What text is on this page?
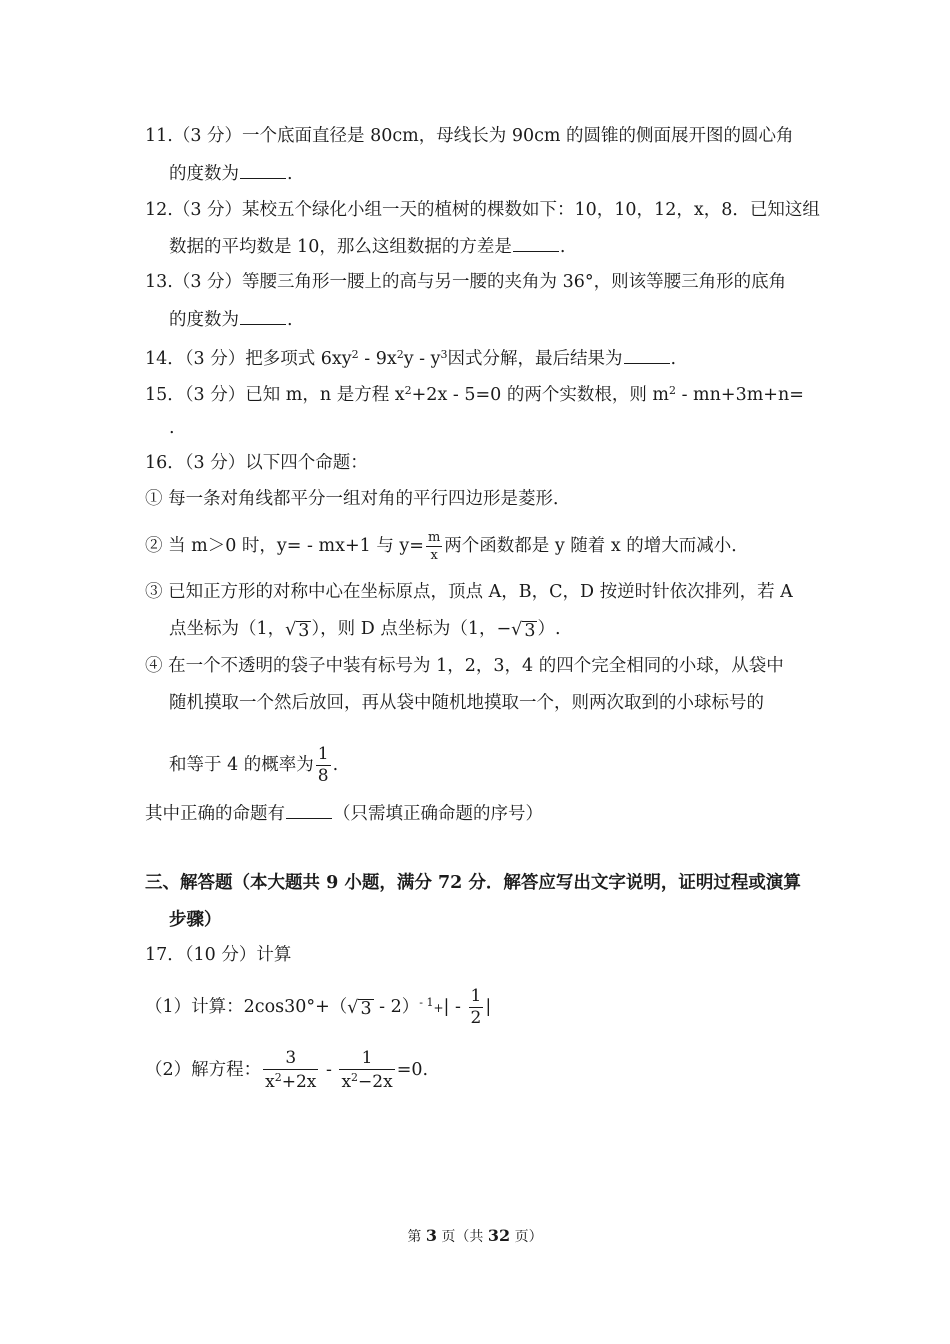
11.（3 分）一个底面直径是 80cm，母线长为 90cm 的圆锥的侧面展开图的圆心角
的度数为	.
12.（3 分）某校五个绿化小组一天的植树的棵数如下：10，10，12，x，8．已知这组
数据的平均数是 10，那么这组数据的方差是	.
13.（3 分）等腰三角形一腰上的高与另一腰的夹角为 36°，则该等腰三角形的底角
的度数为	.
14．（3 分）把多项式 $6xy^2 - 9x^2y - y^3$因式分解，最后结果为	.
15．（3 分）已知 m，n 是方程 $x^2+2x - 5=0$ 的两个实数根，则 $m^2 - mn+3m+n=$
.
16．（3 分）以下四个命题：
① 每一条对角线都平分一组对角的平行四边形是菱形．
② 当 m＞0 时，y= - mx+1 与 $y= \frac{m}{x}$ 两个函数都是 y 随着 x 的增大而减小．
③ 已知正方形的对称中心在坐标原点，顶点 A，B，C，D 按逆时针依次排列，若 A
点坐标为（1， √ 3 ），则 D 点坐标为（1，− √ 3 ）.
④ 在一个不透明的袋子中装有标号为 1，2，3，4 的四个完全相同的小球，从袋中
随机摸取一个然后放回，再从袋中随机地摸取一个，则两次取到的小球标号的
和等于 4 的概率为 $\frac{1}{8}$ .
其中正确的命题有	（只需填正确命题的序号）
三、解答题（本大题共 9 小题，满分 72 分．解答应写出文字说明，证明过程或演算
步骤）
17．（10 分）计算
（1）计算：2cos30°+（ √ $3 - 2)^{- 1}+| - \frac{1}{2}$ |
（2）解方程： $\frac{3}{x^2+2x} - \frac{1}{x^2-2x} =0$.
第 3 页（共 32 页）
